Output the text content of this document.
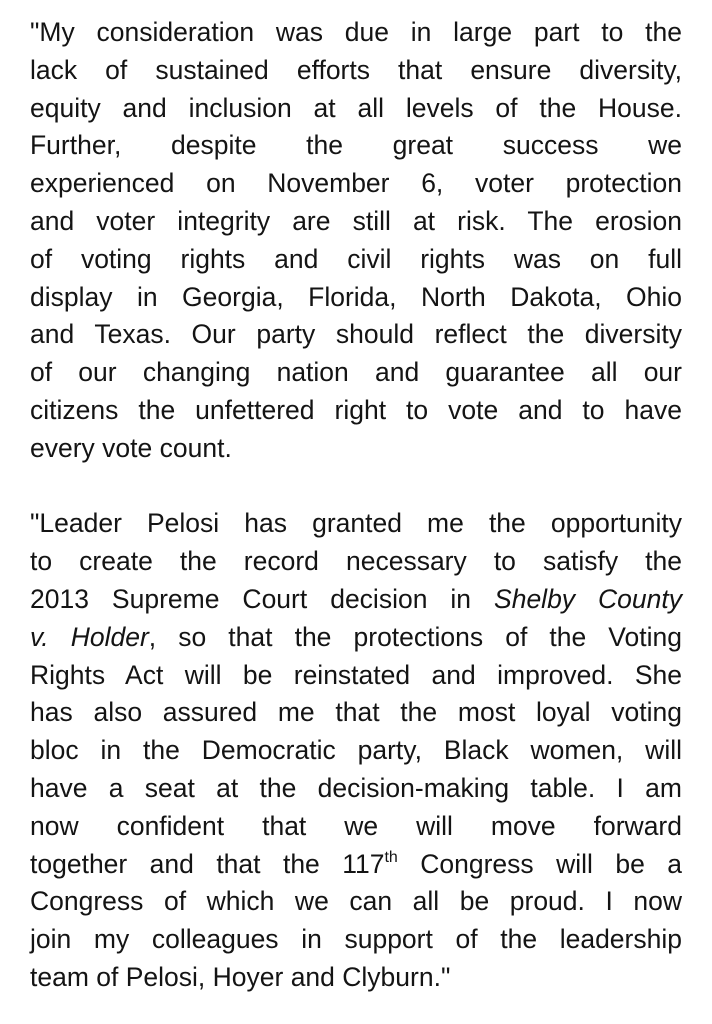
"My consideration was due in large part to the
lack of sustained efforts that ensure diversity,
equity and inclusion at all levels of the House.
Further, despite the great success we
experienced on November 6, voter protection
and voter integrity are still at risk. The erosion
of voting rights and civil rights was on full
display in Georgia, Florida, North Dakota, Ohio
and Texas. Our party should reflect the diversity
of our changing nation and guarantee all our
citizens the unfettered right to vote and to have
every vote count.

"Leader Pelosi has granted me the opportunity
to create the record necessary to satisfy the
2013 Supreme Court decision in Shelby County
v. Holder, so that the protections of the Voting
Rights Act will be reinstated and improved. She
has also assured me that the most loyal voting
bloc in the Democratic party, Black women, will
have a seat at the decision-making table. I am
now confident that we will move forward
together and that the 117th Congress will be a
Congress of which we can all be proud. I now
join my colleagues in support of the leadership
team of Pelosi, Hoyer and Clyburn."
